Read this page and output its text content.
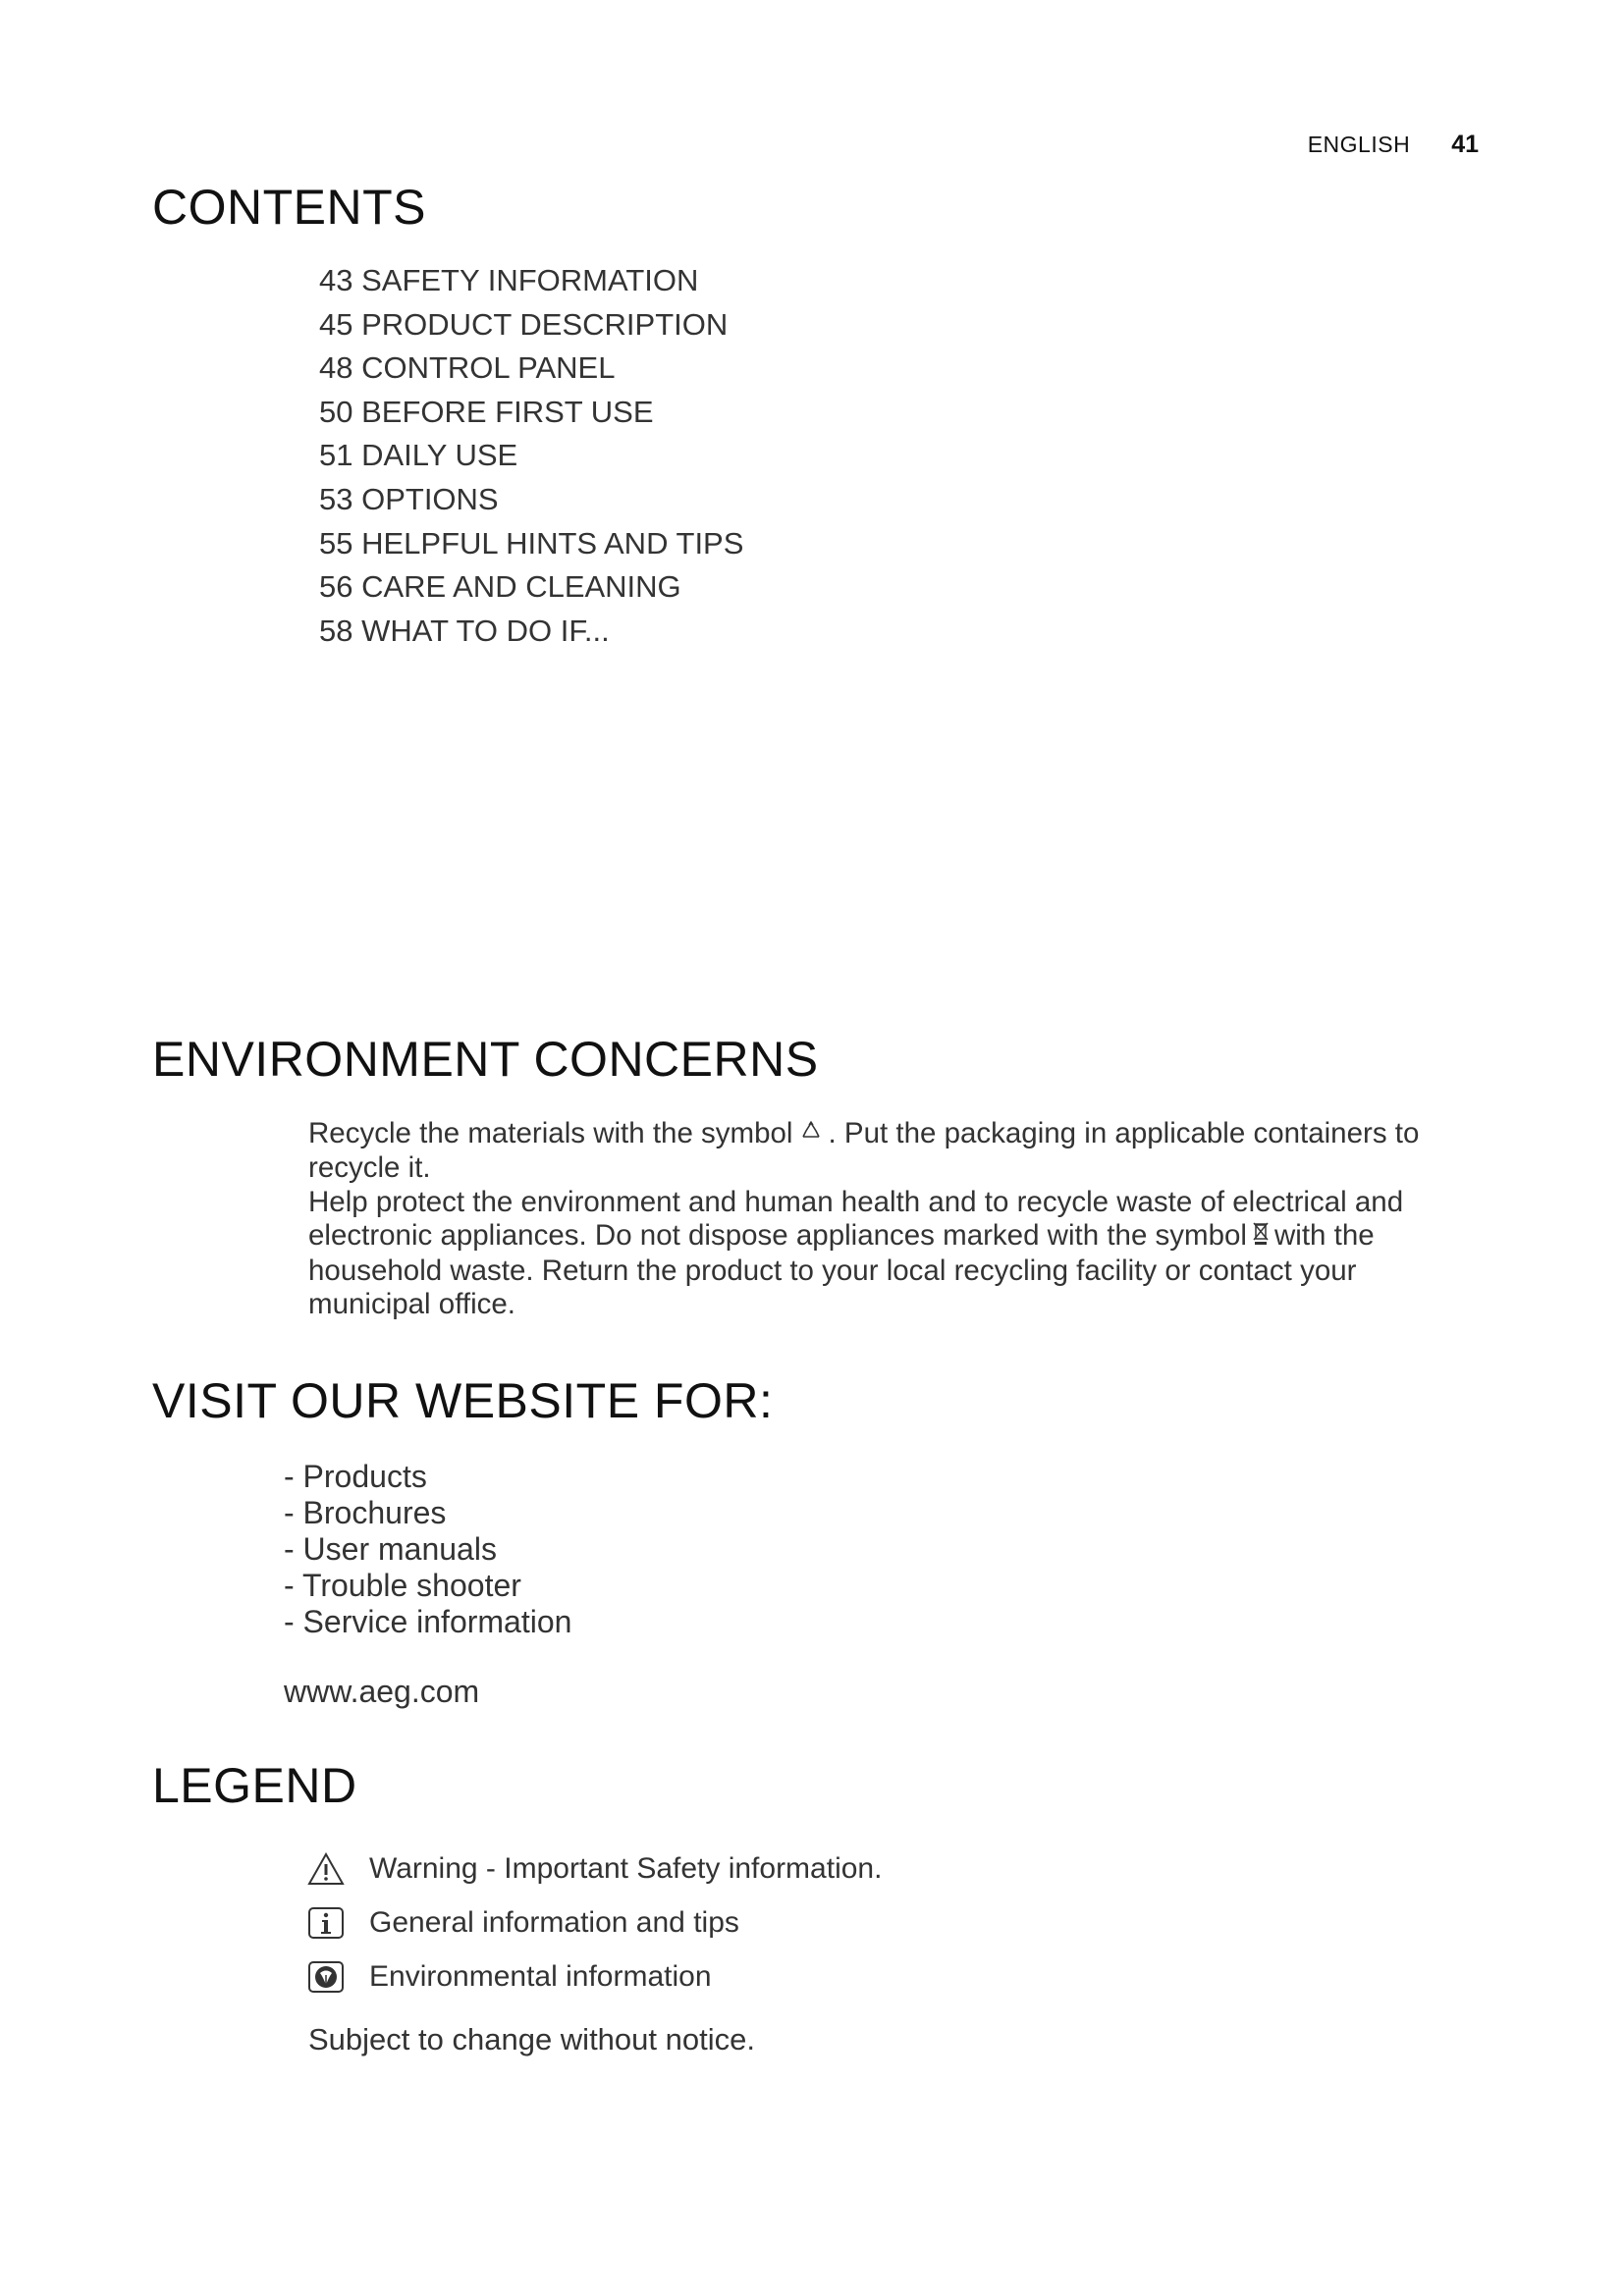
ENGLISH 41
CONTENTS
43 SAFETY INFORMATION
45 PRODUCT DESCRIPTION
48 CONTROL PANEL
50 BEFORE FIRST USE
51 DAILY USE
53 OPTIONS
55 HELPFUL HINTS AND TIPS
56 CARE AND CLEANING
58 WHAT TO DO IF...
ENVIRONMENT CONCERNS

Recycle the materials with the symbol . Put the packaging in applicable containers to recycle it.

Help protect the environment and human health and to recycle waste of electrical and electronic appliances. Do not dispose appliances marked with the symbol with the household waste. Return the product to your local recycling facility or contact your municipal office.

VISIT OUR WEBSITE FOR:
- Products
- Brochures
- User manuals
- Trouble shooter
- Service information
www.aeg.com
LEGEND
Warning - Important Safety information.
General information and tips
Environmental information
Subject to change without notice.
